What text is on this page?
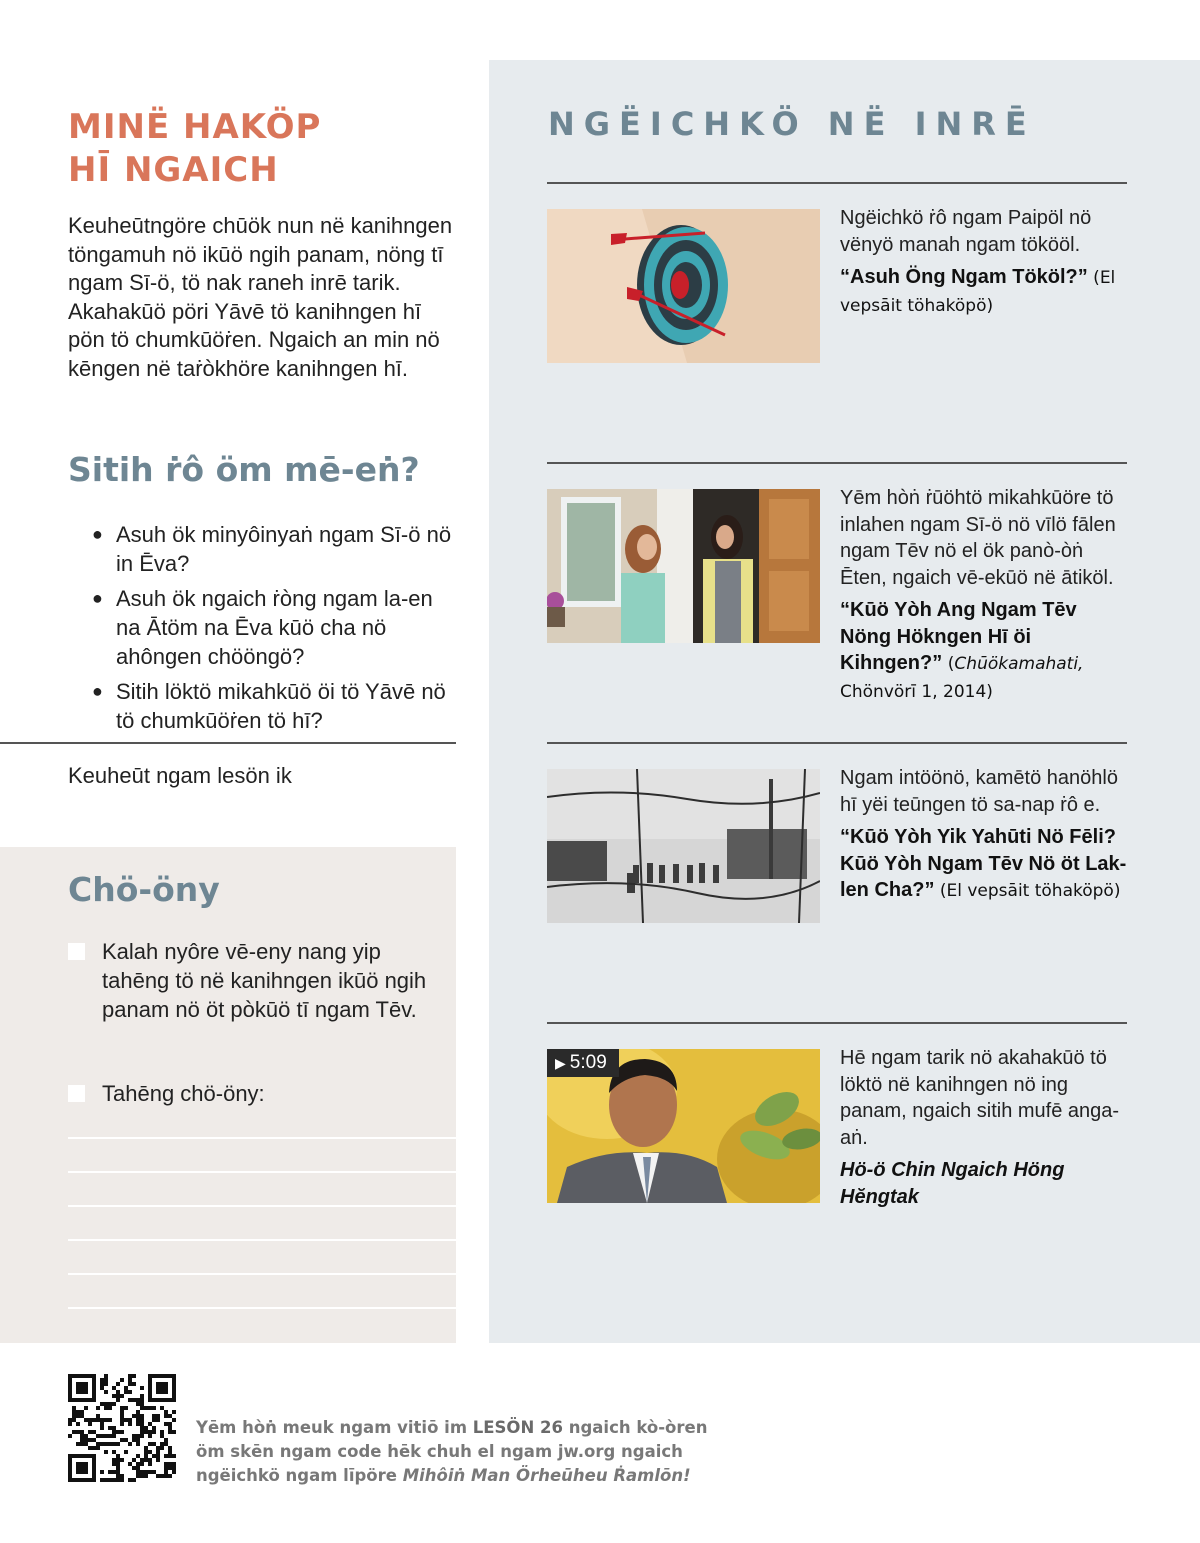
MINË HAKÖP
HĪ NGAICH

Keuheūtngöre chūök nun në kanihngen töngamuh nö ikūö ngih panam, nöng tī ngam Sī-ö, tö nak raneh inrē tarik. Akahakūö pöri Yāvē tö kanihngen hī pön tö chumkūöṙen. Ngaich an min nö kēngen në taṙòkhöre kanihngen hī.

Sitih ṙô öm mē-eṅ?
● Asuh ök minyôinyaṅ ngam Sī-ö nö in Ēva?
● Asuh ök ngaich ṙòng ngam la-en na Ātöm na Ēva kūö cha nö ahôngen chööngö?
● Sitih löktö mikahkūö öi tö Yāvē nö tö chumkūöṙen tö hī?
Keuheūt ngam lesön ik
Chö-öny
Kalah nyôre vē-eny nang yip tahēng tö në kanihngen ikūö ngih panam nö öt pòkūö tī ngam Tēv.
Tahēng chö-öny:
NGËICHKÖ NË INRĒ

Ngëichkö ṙô ngam Paipöl nö vënyö manah ngam tökööl.

“Asuh Öng Ngam Tököl?” (El vepsāit töhaköpö)

Yēm hòṅ ṙūöhtö mikahkūöre tö inlahen ngam Sī-ö nö vīlö fālen ngam Tēv nö el ök panò-òṅ Ēten, ngaich vē-ekūö në ātiköl.

“Kūö Yòh Ang Ngam Tēv Nöng Hökngen Hī öi Kihngen?” (Chūökamahati, Chönvörī 1, 2014)

Ngam intöönö, kamētö hanöhlö hī yëi teūngen tö sa-nap ṙô e.

“Kūö Yòh Yik Yahūti Nö Fēli? Kūö Yòh Ngam Tēv Nö öt Lak-len Cha?” (El vepsāit töhaköpö)

▶ 5:09	Hē ngam tarik nö akahakūö tö löktö në kanihngen nö ing panam, ngaich sitih mufē anga-aṅ.

Hö-ö Chin Ngaich Höng Hĕngtak

Yēm hòṅ meuk ngam vitiō im LESÖN 26 ngaich kò-òren öm skēn ngam code hēk chuh el ngam jw.org ngaich ngëichkö ngam līpöre Mihôiṅ Man Örheūheu Ṙamlōn!
